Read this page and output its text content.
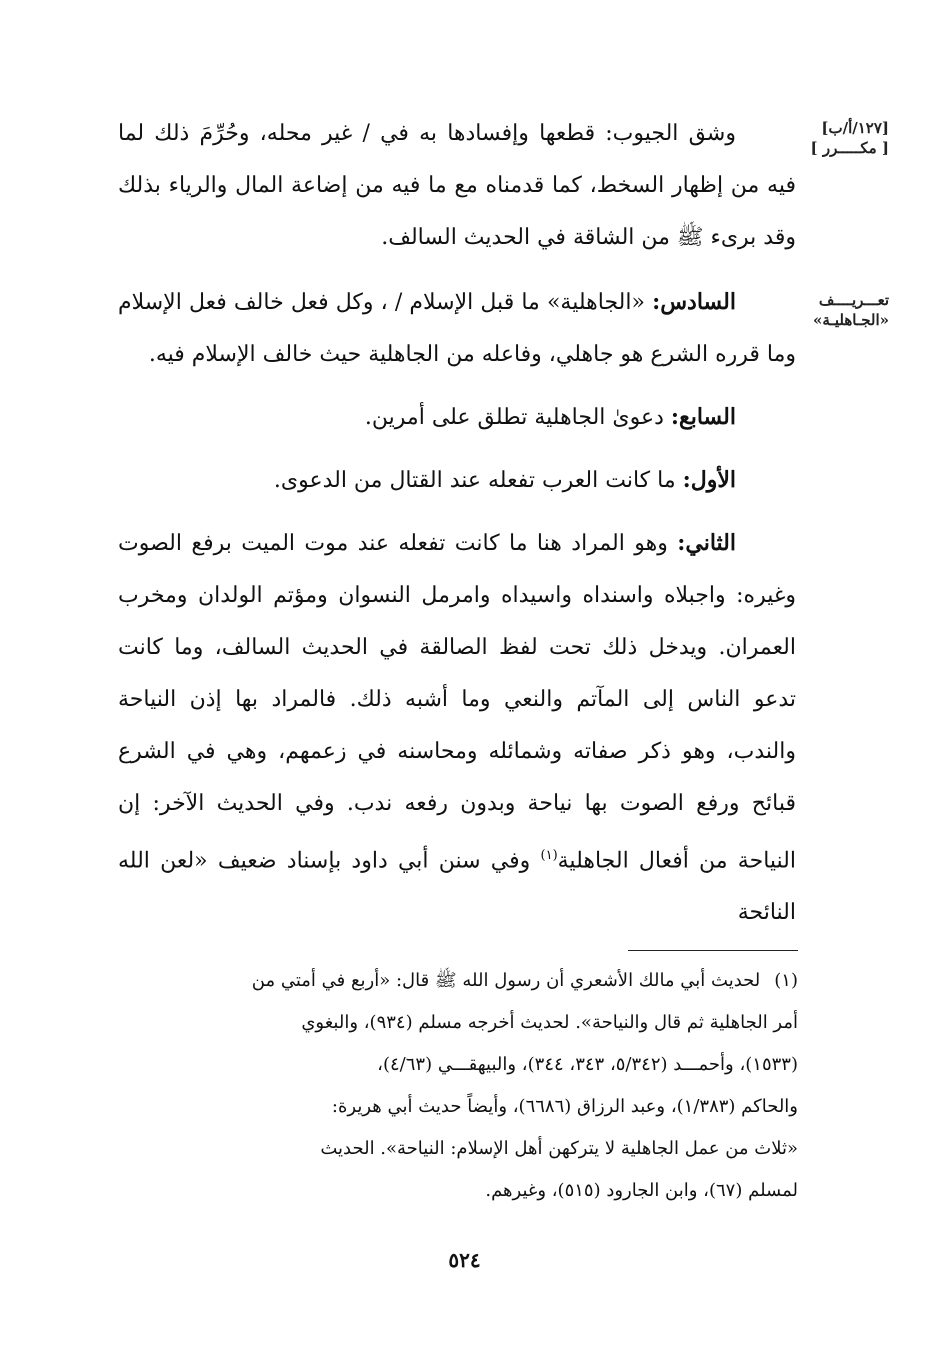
[١٢٧/أ/ب]
[ مكـــــرر ]
تعـــريــــف
«الجـاهليـة»

وشق الجيوب: قطعها وإفسادها به في / غير محله، وحُرِّمَ ذلك لما فيه من إظهار السخط، كما قدمناه مع ما فيه من إضاعة المال والرياء بذلك وقد برىء ﷺ من الشاقة في الحديث السالف.

السادس: «الجاهلية» ما قبل الإسلام / ، وكل فعل خالف فعل الإسلام وما قرره الشرع هو جاهلي، وفاعله من الجاهلية حيث خالف الإسلام فيه.

السابع: دعوىٰ الجاهلية تطلق على أمرين.

الأول: ما كانت العرب تفعله عند القتال من الدعوى.

الثاني: وهو المراد هنا ما كانت تفعله عند موت الميت برفع الصوت وغيره: واجبلاه واسنداه واسيداه وامرمل النسوان ومؤتم الولدان ومخرب العمران. ويدخل ذلك تحت لفظ الصالقة في الحديث السالف، وما كانت تدعو الناس إلى المآتم والنعي وما أشبه ذلك. فالمراد بها إذن النياحة والندب، وهو ذكر صفاته وشمائله ومحاسنه في زعمهم، وهي في الشرع قبائح ورفع الصوت بها نياحة وبدون رفعه ندب. وفي الحديث الآخر: إن النياحة من أفعال الجاهلية$^{(١)}$ وفي سنن أبي داود بإسناد ضعيف «لعن الله النائحة

(١)لحديث أبي مالك الأشعري أن رسول الله ﷺ قال: «أربع في أمتي من
أمر الجاهلية ثم قال والنياحة». لحديث أخرجه مسلم (٩٣٤)، والبغوي
(١٥٣٣)، وأحمـــد (٥/٣٤٢، ٣٤٣، ٣٤٤)، والبيهقـــي (٤/٦٣)،
والحاكم (١/٣٨٣)، وعبد الرزاق (٦٦٨٦)، وأيضاً حديث أبي هريرة:
«ثلاث من عمل الجاهلية لا يتركهن أهل الإسلام: النياحة». الحديث
لمسلم (٦٧)، وابن الجارود (٥١٥)، وغيرهم.
٥٢٤
